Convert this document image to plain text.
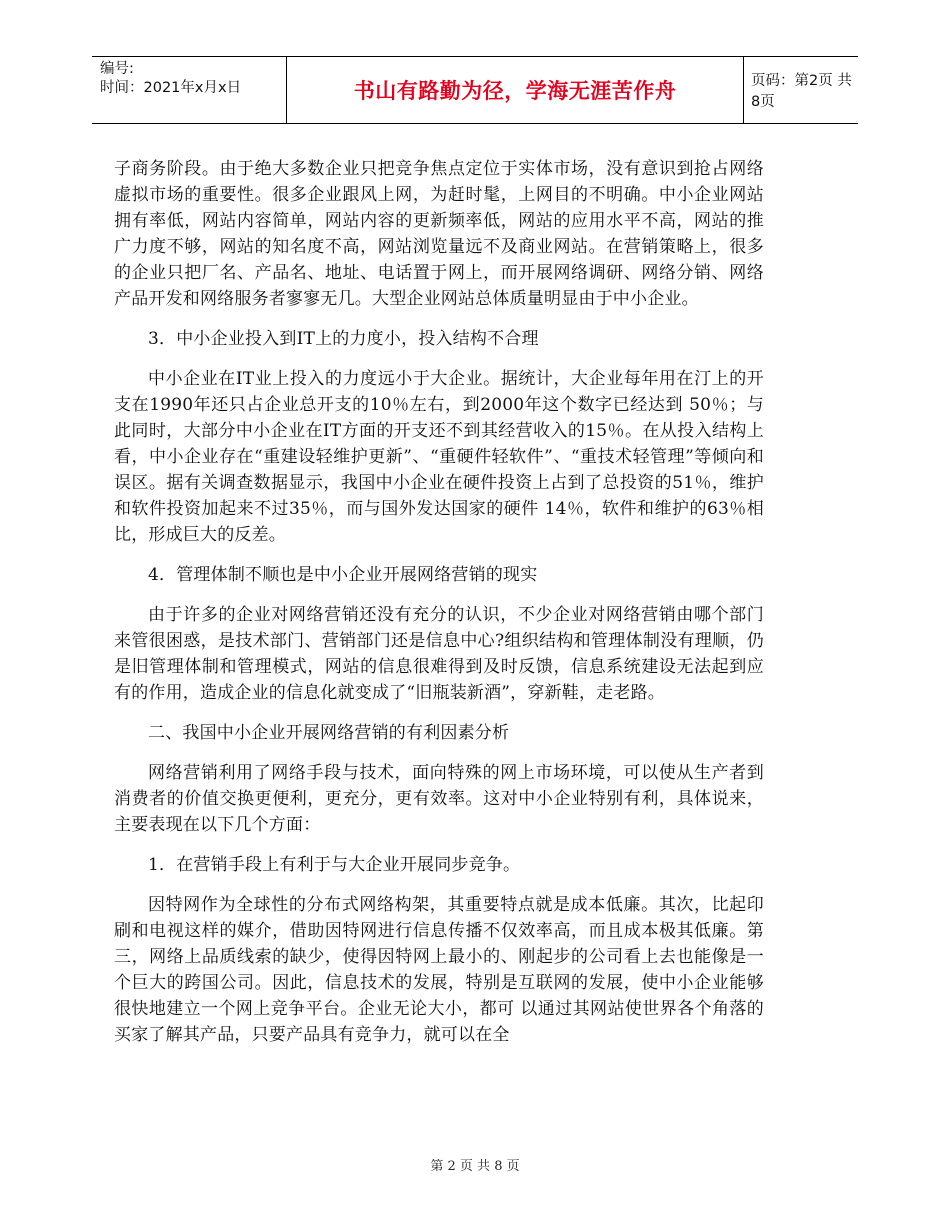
编号:
时间：2021年x月x日	书山有路勤为径，学海无涯苦作舟	页码：第2页 共8页

子商务阶段。由于绝大多数企业只把竞争焦点定位于实体市场，没有意识到抢占网络虚拟市场的重要性。很多企业跟风上网，为赶时髦，上网目的不明确。中小企业网站拥有率低，网站内容简单，网站内容的更新频率低，网站的应用水平不高，网站的推广力度不够，网站的知名度不高，网站浏览量远不及商业网站。在营销策略上，很多的企业只把厂名、产品名、地址、电话置于网上，而开展网络调研、网络分销、网络产品开发和网络服务者寥寥无几。大型企业网站总体质量明显由于中小企业。

3．中小企业投入到IT上的力度小，投入结构不合理

中小企业在IT业上投入的力度远小于大企业。据统计，大企业每年用在汀上的开支在1990年还只占企业总开支的10％左右，到2000年这个数字已经达到 50％；与此同时，大部分中小企业在IT方面的开支还不到其经营收入的15％。在从投入结构上看，中小企业存在“重建设轻维护更新”、“重硬件轻软件”、“重技术轻管理”等倾向和误区。据有关调查数据显示，我国中小企业在硬件投资上占到了总投资的51％，维护和软件投资加起来不过35％，而与国外发达国家的硬件 14％，软件和维护的63％相比，形成巨大的反差。

4．管理体制不顺也是中小企业开展网络营销的现实

由于许多的企业对网络营销还没有充分的认识，不少企业对网络营销由哪个部门来管很困惑，是技术部门、营销部门还是信息中心?组织结构和管理体制没有理顺，仍是旧管理体制和管理模式，网站的信息很难得到及时反馈，信息系统建设无法起到应有的作用，造成企业的信息化就变成了“旧瓶装新酒”，穿新鞋，走老路。

二、我国中小企业开展网络营销的有利因素分析

网络营销利用了网络手段与技术，面向特殊的网上市场环境，可以使从生产者到消费者的价值交换更便利，更充分，更有效率。这对中小企业特别有利，具体说来，主要表现在以下几个方面：

1．在营销手段上有利于与大企业开展同步竞争。

因特网作为全球性的分布式网络构架，其重要特点就是成本低廉。其次，比起印刷和电视这样的媒介，借助因特网进行信息传播不仅效率高，而且成本极其低廉。第三，网络上品质线索的缺少，使得因特网上最小的、刚起步的公司看上去也能像是一个巨大的跨国公司。因此，信息技术的发展，特别是互联网的发展，使中小企业能够很快地建立一个网上竞争平台。企业无论大小，都可 以通过其网站使世界各个角落的买家了解其产品，只要产品具有竞争力，就可以在全

第 2 页 共 8 页
